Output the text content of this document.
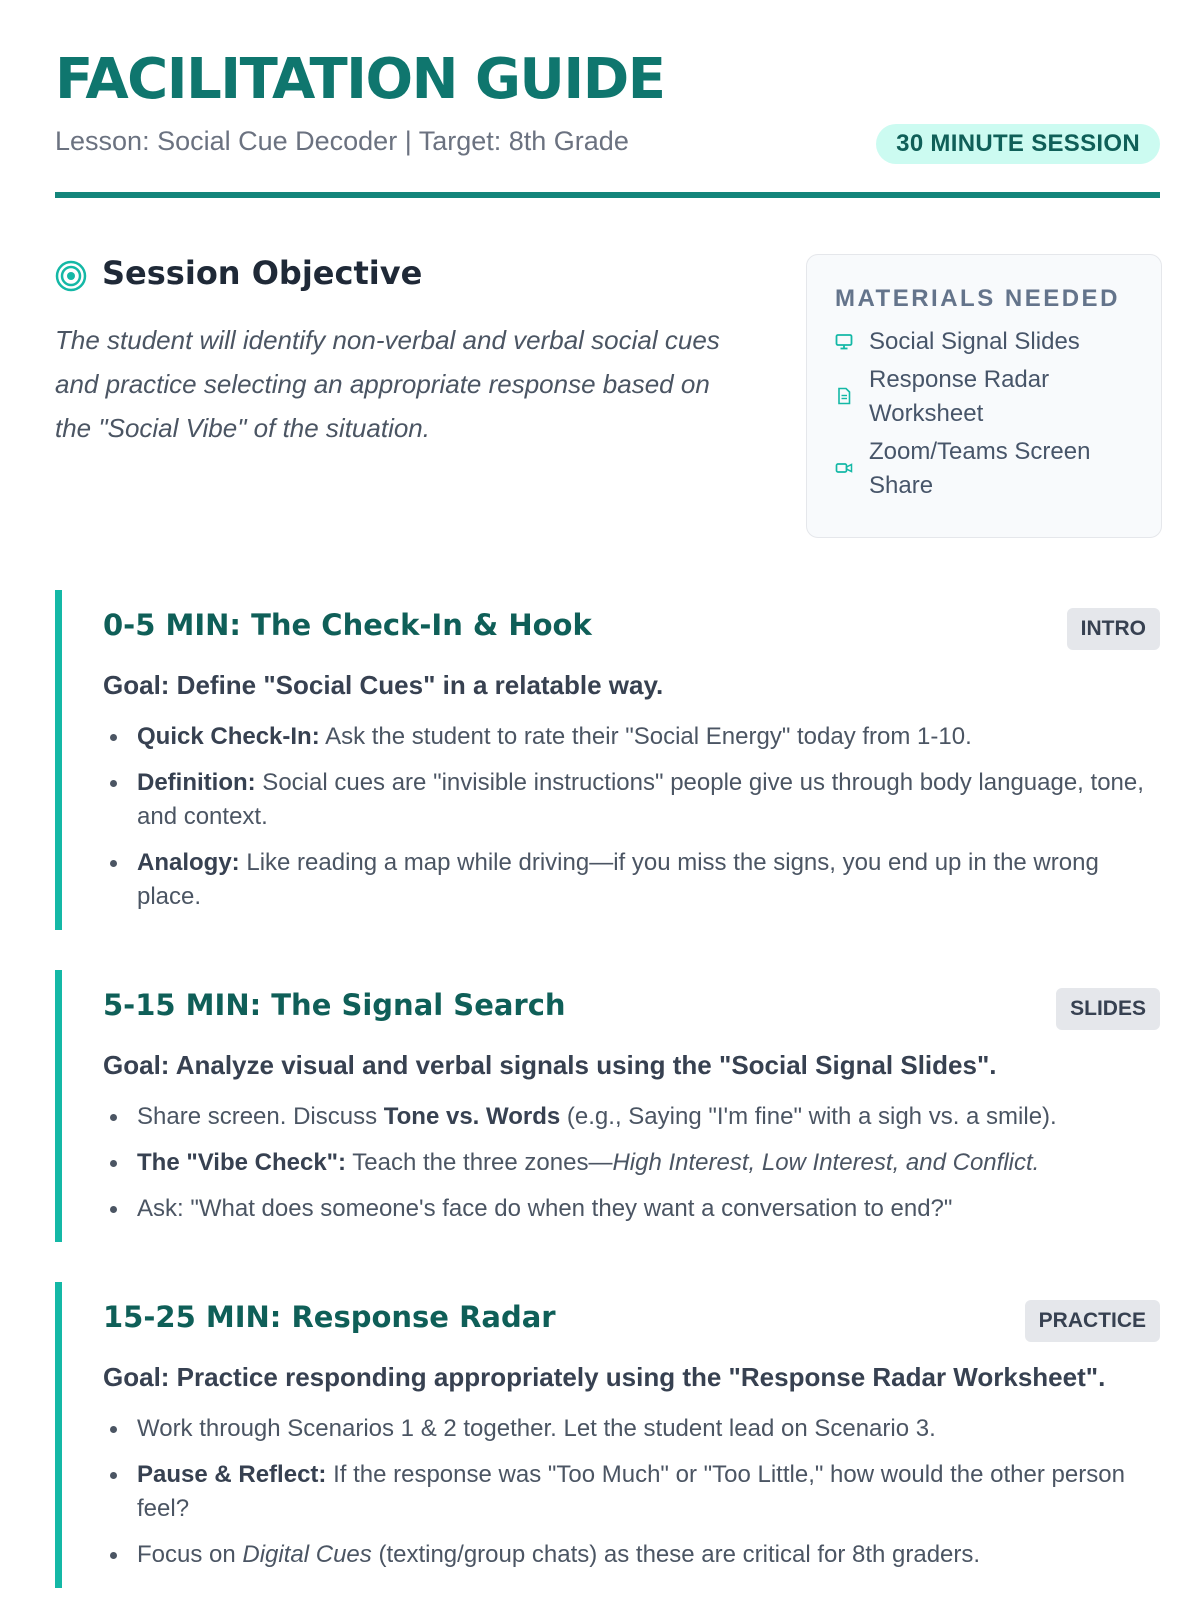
FACILITATION GUIDE
Lesson: Social Cue Decoder | Target: 8th Grade	30 MINUTE SESSION
Session Objective
The student will identify non-verbal and verbal social cues and practice selecting an appropriate response based on the "Social Vibe" of the situation.
MATERIALS NEEDED
Social Signal Slides
Response Radar Worksheet
Zoom/Teams Screen Share
0-5 MIN: The Check-In & Hook	INTRO
Goal: Define "Social Cues" in a relatable way.
Quick Check-In: Ask the student to rate their "Social Energy" today from 1-10.
Definition: Social cues are "invisible instructions" people give us through body language, tone, and context.
Analogy: Like reading a map while driving—if you miss the signs, you end up in the wrong place.
5-15 MIN: The Signal Search	SLIDES
Goal: Analyze visual and verbal signals using the "Social Signal Slides".
Share screen. Discuss Tone vs. Words (e.g., Saying "I'm fine" with a sigh vs. a smile).
The "Vibe Check": Teach the three zones—High Interest, Low Interest, and Conflict.
Ask: "What does someone's face do when they want a conversation to end?"
15-25 MIN: Response Radar	PRACTICE
Goal: Practice responding appropriately using the "Response Radar Worksheet".
Work through Scenarios 1 & 2 together. Let the student lead on Scenario 3.
Pause & Reflect: If the response was "Too Much" or "Too Little," how would the other person feel?
Focus on Digital Cues (texting/group chats) as these are critical for 8th graders.
